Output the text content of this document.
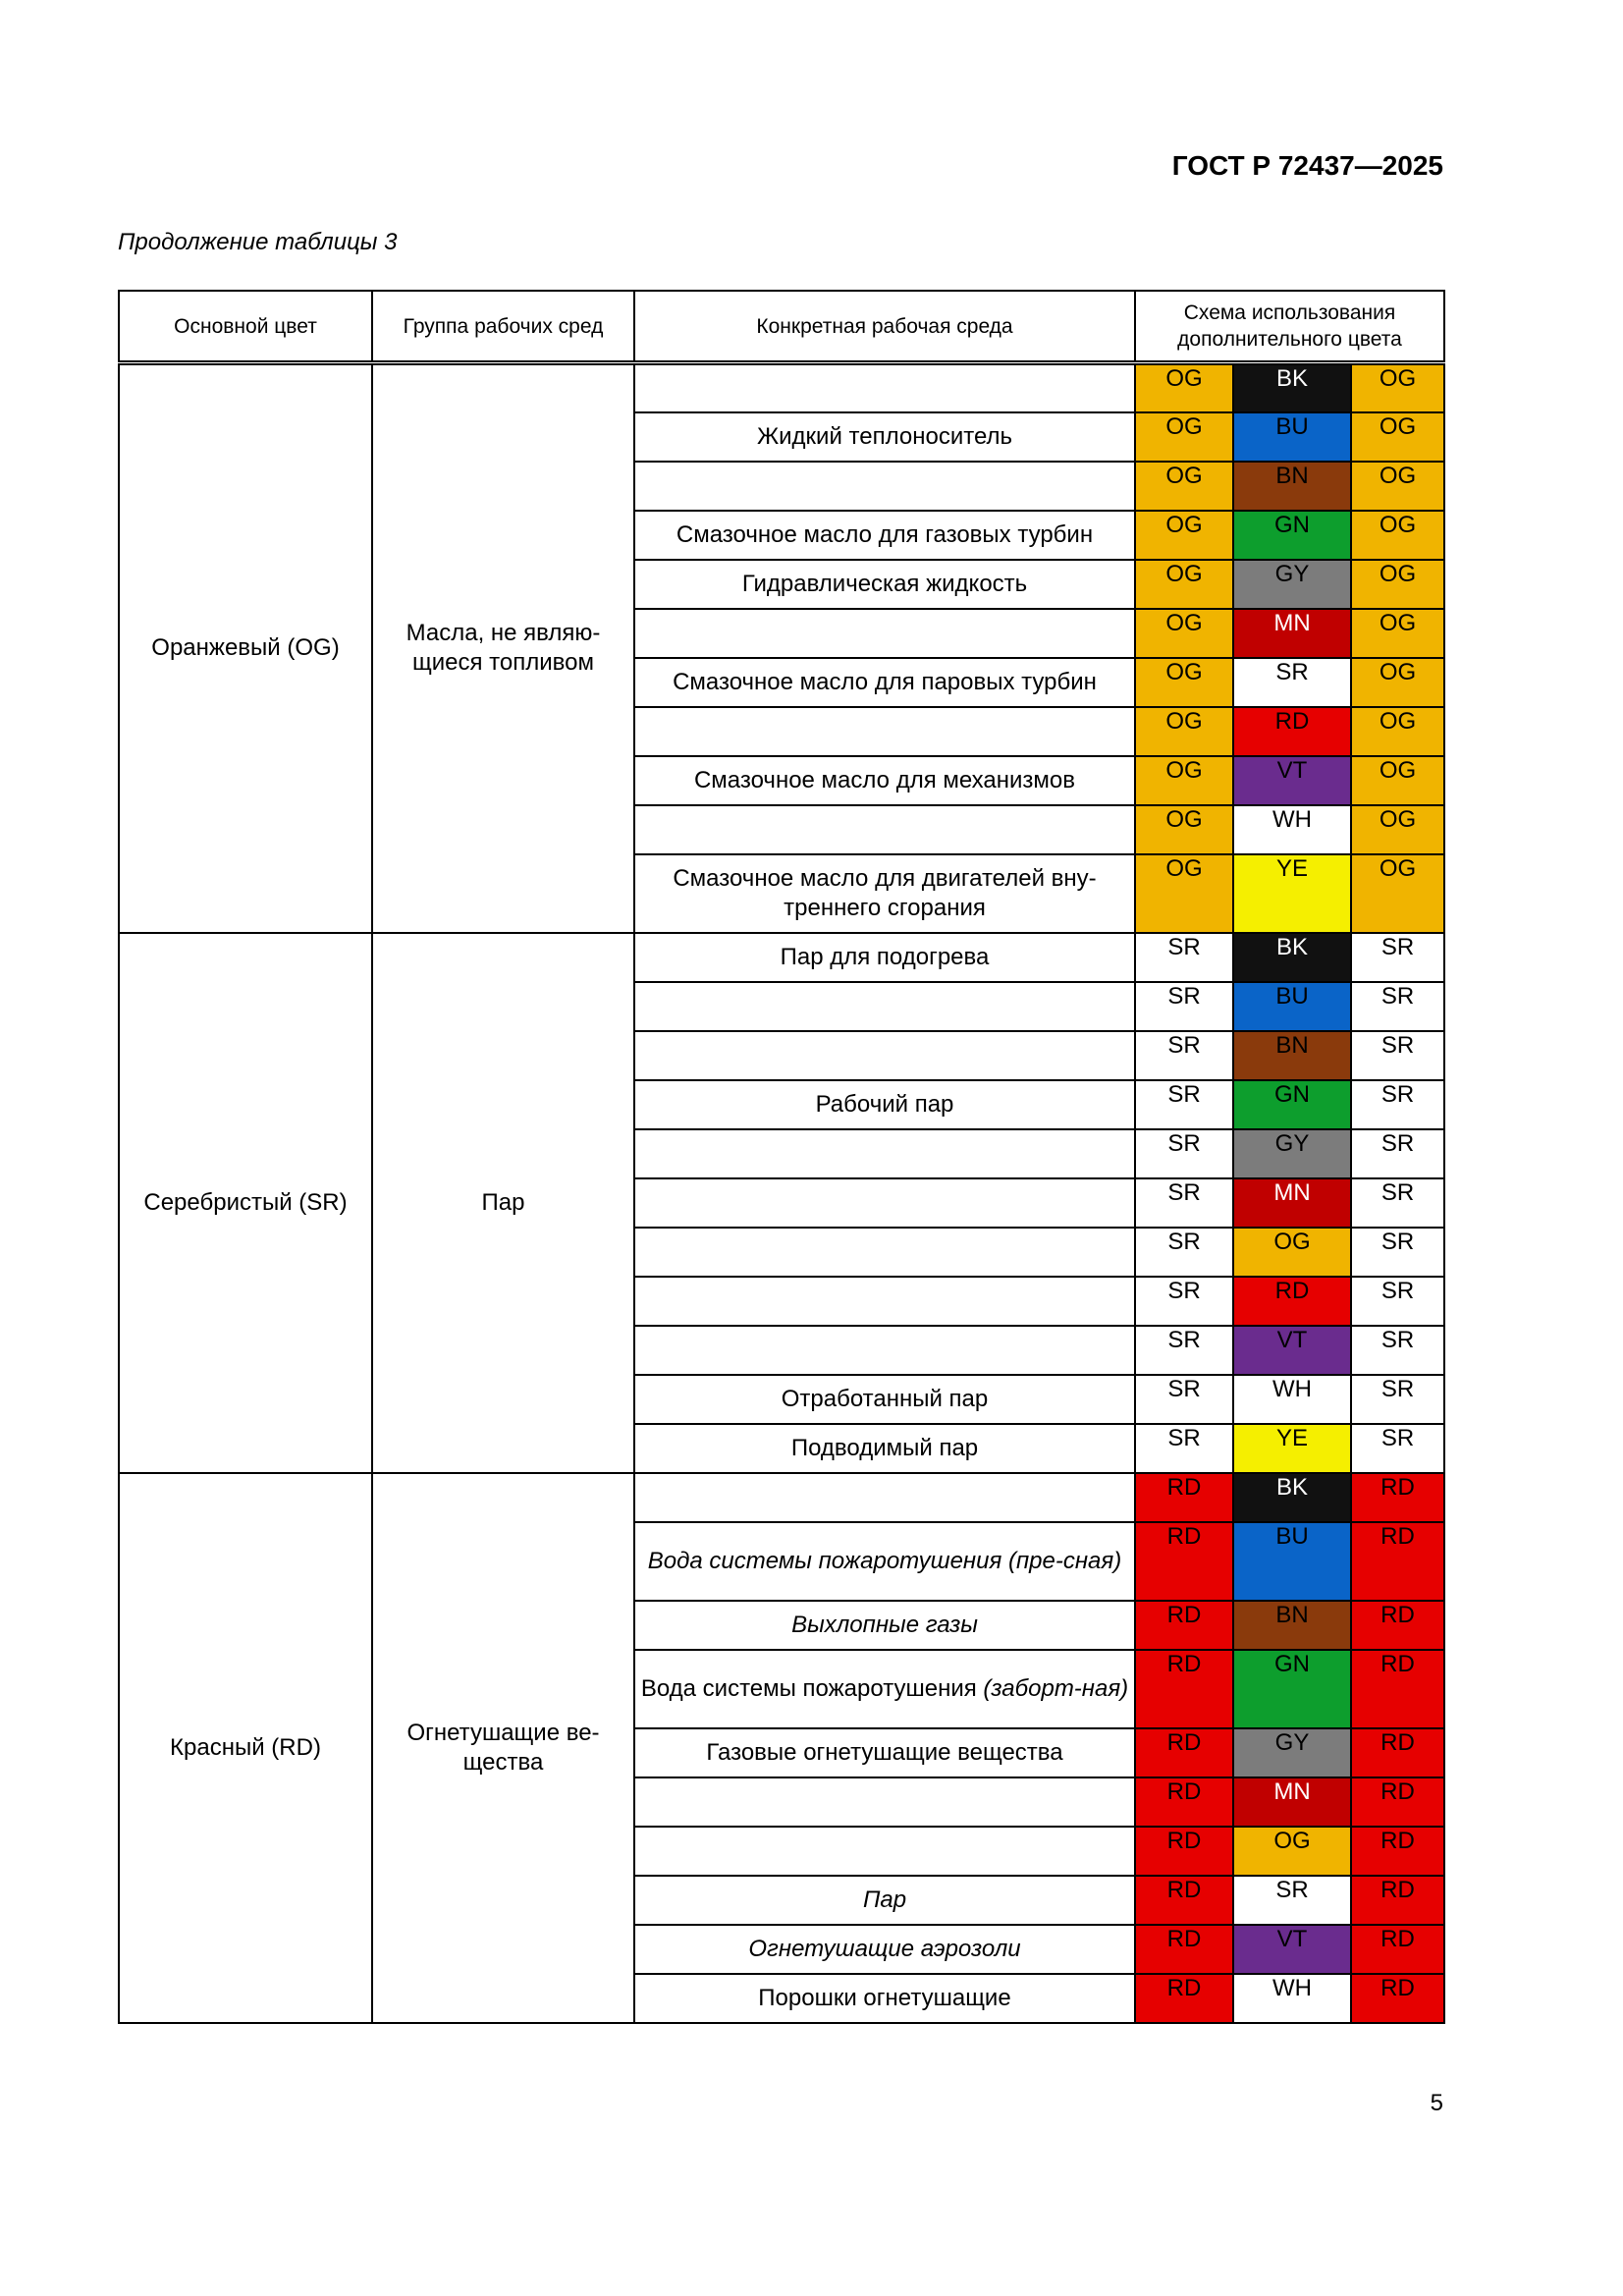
ГОСТ Р 72437—2025
Продолжение таблицы 3
Основной цвет	Группа рабочих сред	Конкретная рабочая среда	Схема использования дополнительного цвета		
Оранжевый (OG)	Масла, не являю-щиеся топливом		OG	BK	OG
		Жидкий теплоноситель	OG	BU	OG
			OG	BN	OG
		Смазочное масло для газовых турбин	OG	GN	OG
		Гидравлическая жидкость	OG	GY	OG
			OG	MN	OG
		Смазочное масло для паровых турбин	OG	SR	OG
			OG	RD	OG
		Смазочное масло для механизмов	OG	VT	OG
			OG	WH	OG
		Смазочное масло для двигателей вну-треннего сгорания	OG	YE	OG
Серебристый (SR)	Пар	Пар для подогрева	SR	BK	SR
			SR	BU	SR
			SR	BN	SR
		Рабочий пар	SR	GN	SR
			SR	GY	SR
			SR	MN	SR
			SR	OG	SR
			SR	RD	SR
			SR	VT	SR
		Отработанный пар	SR	WH	SR
		Подводимый пар	SR	YE	SR
Красный (RD)	Огнетушащие ве-щества		RD	BK	RD
		Вода системы пожаротушения (пре-сная)	RD	BU	RD
		Выхлопные газы	RD	BN	RD
		Вода системы пожаротушения (заборт-ная)	RD	GN	RD
		Газовые огнетушащие вещества	RD	GY	RD
			RD	MN	RD
			RD	OG	RD
		Пар	RD	SR	RD
		Огнетушащие аэрозоли	RD	VT	RD
		Порошки огнетушащие	RD	WH	RD
5
